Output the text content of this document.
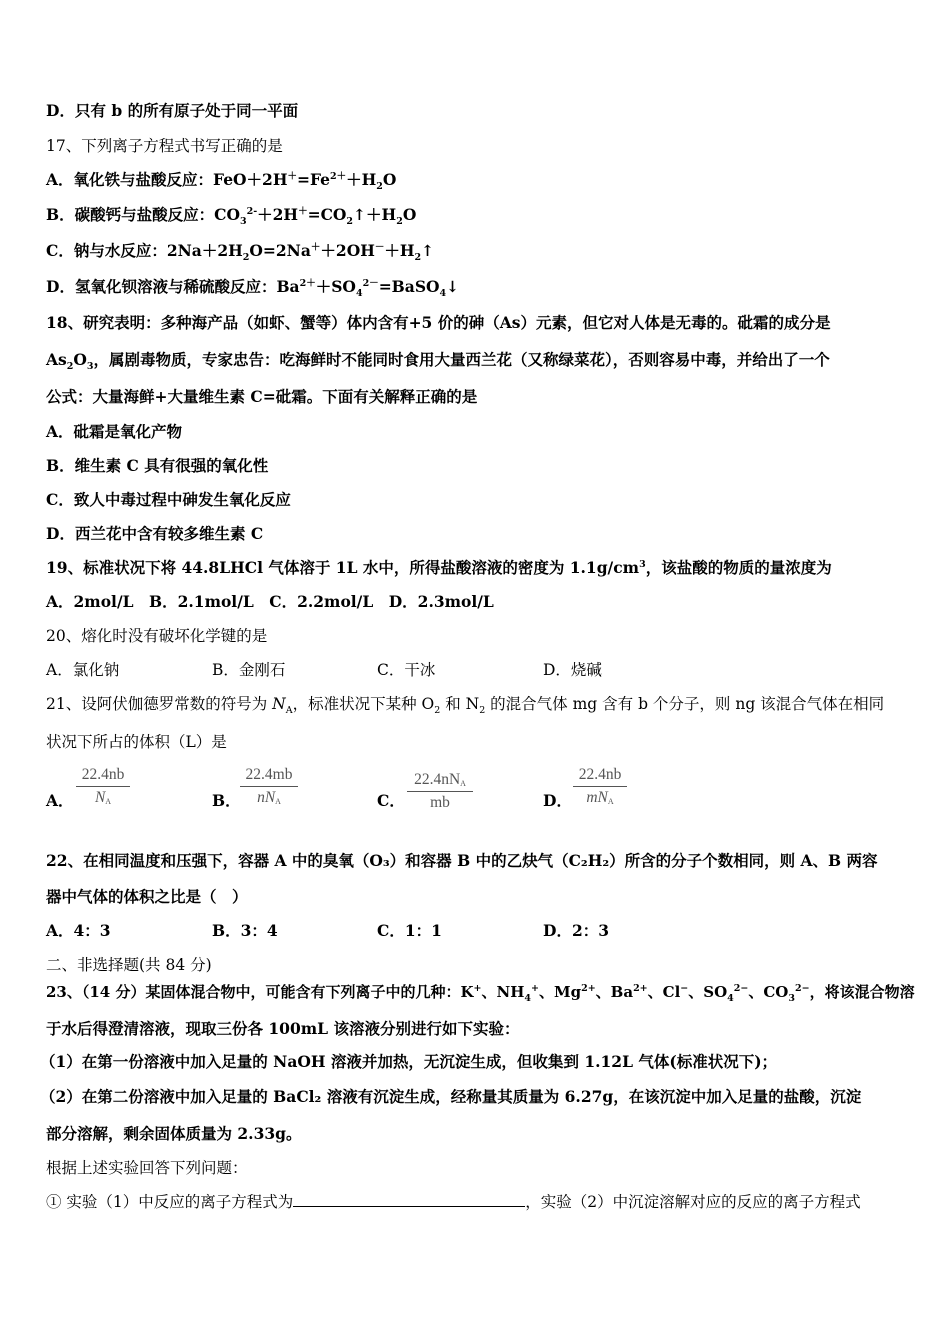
D．只有 b 的所有原子处于同一平面
17、下列离子方程式书写正确的是
A．氧化铁与盐酸反应：$FeO+2H^+=Fe^{2+}+H_2O$
B．碳酸钙与盐酸反应：$CO_3^{2-}+2H^+=CO_2↑+H_2O$
C．钠与水反应：$2Na+2H_2O=2Na^++2OH^-+H_2↑$
D．氢氧化钡溶液与稀硫酸反应：$Ba^{2+}+SO_4^{2-}=BaSO_4↓$
18、研究表明：多种海产品（如虾、蟹等）体内含有+5 价的砷（As）元素，但它对人体是无毒的。砒霜的成分是
$As_2O_3$，属剧毒物质，专家忠告：吃海鲜时不能同时食用大量西兰花（又称绿菜花），否则容易中毒，并给出了一个
公式：大量海鲜+大量维生素 C=砒霜。下面有关解释正确的是
A．砒霜是氧化产物
B．维生素 C 具有很强的氧化性
C．致人中毒过程中砷发生氧化反应
D．西兰花中含有较多维生素 C
19、标准状况下将 44.8LHCl 气体溶于 1L 水中，所得盐酸溶液的密度为 $1.1g/cm^3$，该盐酸的物质的量浓度为
A．2mol/L　B．2.1mol/L　C．2.2mol/L　D．2.3mol/L
20、熔化时没有破坏化学键的是
A．氯化钠	B．金刚石	C．干冰	D．烧碱
21、设阿伏伽德罗常数的符号为 $N_A$，标准状况下某种 $O_2$ 和 $N_2$ 的混合气体 mg 含有 b 个分子，则 ng 该混合气体在相同
状况下所占的体积（L）是
A．
22.4nb
NA	B．
22.4mb
nNA	C．
22.4nNA
mb	D．
22.4nb
mNA
22、在相同温度和压强下，容器 A 中的臭氧（O₃）和容器 B 中的乙炔气（C₂H₂）所含的分子个数相同，则 A、B 两容
器中气体的体积之比是（　）
A．4：3	B．3：4	C．1：1	D．2：3
二、非选择题(共 84 分)
23、（14 分）某固体混合物中，可能含有下列离子中的几种：K+、$NH_4^+$、$Mg^{2+}$、$Ba^{2+}$、Cl−、$SO_4^{2-}$、$CO_3^{2-}$，将该混合物溶
于水后得澄清溶液，现取三份各 100mL 该溶液分别进行如下实验：
（1）在第一份溶液中加入足量的 NaOH 溶液并加热，无沉淀生成，但收集到 1.12L 气体(标准状况下)；
（2）在第二份溶液中加入足量的 BaCl₂ 溶液有沉淀生成，经称量其质量为 6.27g，在该沉淀中加入足量的盐酸，沉淀
部分溶解，剩余固体质量为 2.33g。
根据上述实验回答下列问题：
① 实验（1）中反应的离子方程式为	，实验（2）中沉淀溶解对应的反应的离子方程式
